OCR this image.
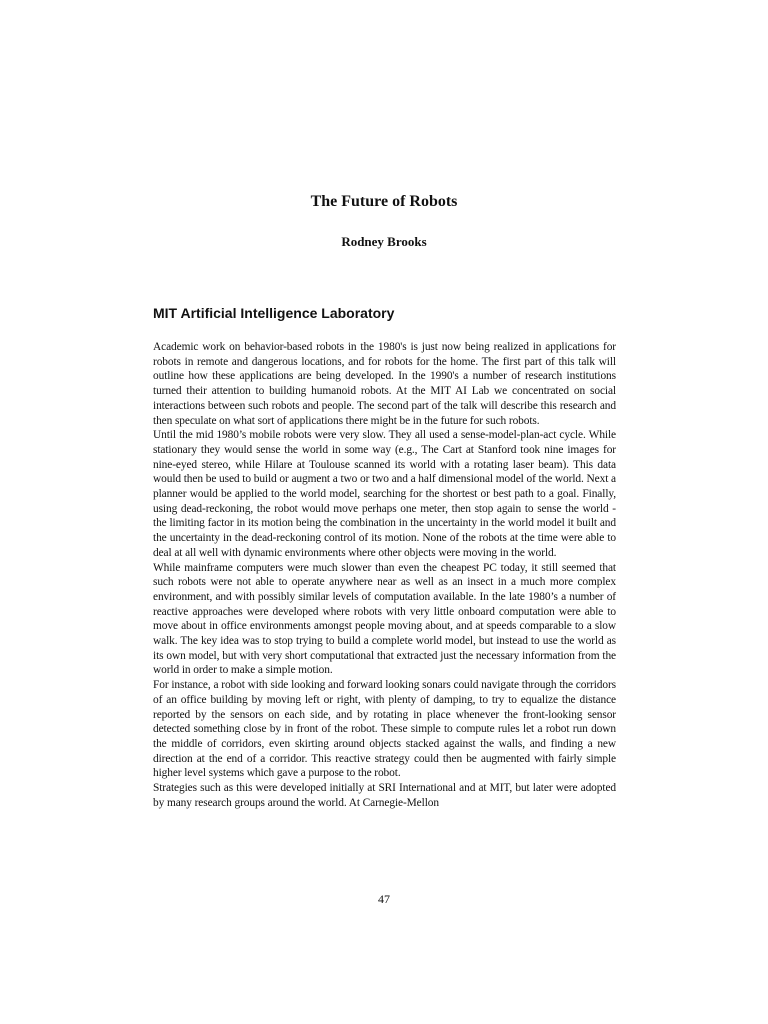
The Future of Robots
Rodney Brooks
MIT Artificial Intelligence Laboratory

Academic work on behavior-based robots in the 1980's is just now being realized in applications for robots in remote and dangerous locations, and for robots for the home. The first part of this talk will outline how these applications are being developed. In the 1990's a number of research institutions turned their attention to building humanoid robots. At the MIT AI Lab we concentrated on social interactions between such robots and people. The second part of the talk will describe this research and then speculate on what sort of applications there might be in the future for such robots.

Until the mid 1980’s mobile robots were very slow. They all used a sense-model-plan-act cycle. While stationary they would sense the world in some way (e.g., The Cart at Stanford took nine images for nine-eyed stereo, while Hilare at Toulouse scanned its world with a rotating laser beam). This data would then be used to build or augment a two or two and a half dimensional model of the world. Next a planner would be applied to the world model, searching for the shortest or best path to a goal. Finally, using dead-reckoning, the robot would move perhaps one meter, then stop again to sense the world - the limiting factor in its motion being the combination in the uncertainty in the world model it built and the uncertainty in the dead-reckoning control of its motion. None of the robots at the time were able to deal at all well with dynamic environments where other objects were moving in the world.

While mainframe computers were much slower than even the cheapest PC today, it still seemed that such robots were not able to operate anywhere near as well as an insect in a much more complex environment, and with possibly similar levels of computation available. In the late 1980’s a number of reactive approaches were developed where robots with very little onboard computation were able to move about in office environments amongst people moving about, and at speeds comparable to a slow walk. The key idea was to stop trying to build a complete world model, but instead to use the world as its own model, but with very short computational that extracted just the necessary information from the world in order to make a simple motion.

For instance, a robot with side looking and forward looking sonars could navigate through the corridors of an office building by moving left or right, with plenty of damping, to try to equalize the distance reported by the sensors on each side, and by rotating in place whenever the front-looking sensor detected something close by in front of the robot. These simple to compute rules let a robot run down the middle of corridors, even skirting around objects stacked against the walls, and finding a new direction at the end of a corridor. This reactive strategy could then be augmented with fairly simple higher level systems which gave a purpose to the robot.

Strategies such as this were developed initially at SRI International and at MIT, but later were adopted by many research groups around the world. At Carnegie-Mellon

47
